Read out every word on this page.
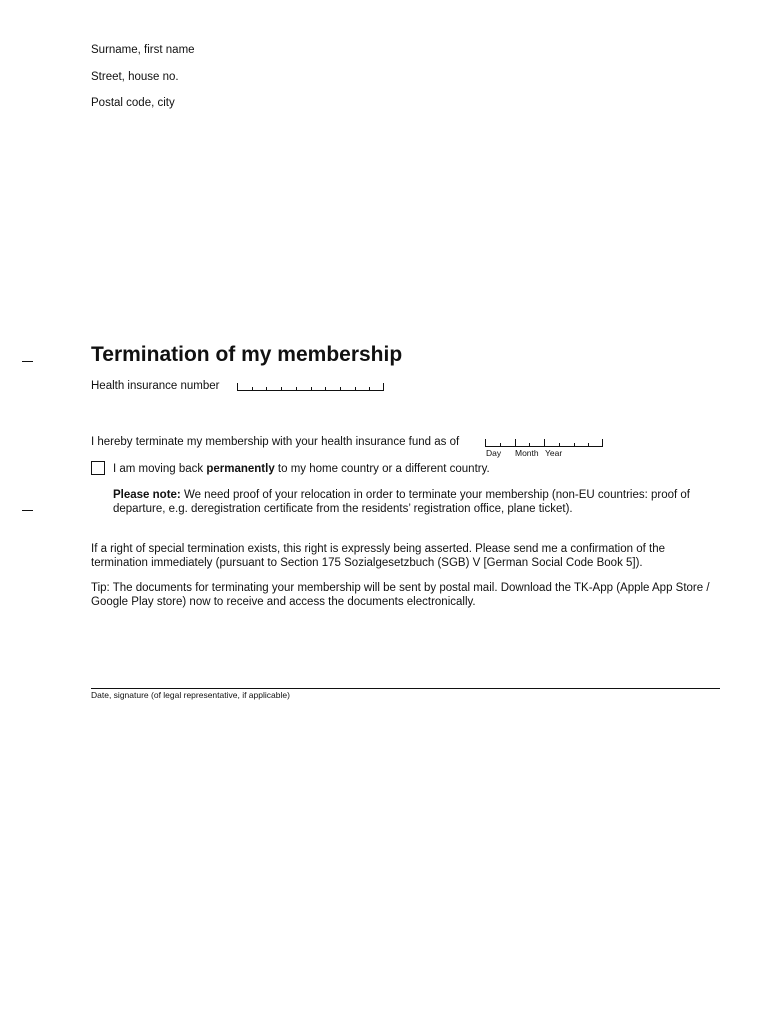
Surname, first name
Street, house no.
Postal code, city
Termination of my membership
Health insurance number
I hereby terminate my membership with your health insurance fund as of
Day Month Year
I am moving back permanently to my home country or a different country.
Please note: We need proof of your relocation in order to terminate your membership (non-EU countries: proof of departure, e.g. deregistration certificate from the residents’ registration office, plane ticket).
If a right of special termination exists, this right is expressly being asserted. Please send me a confirmation of the termination immediately (pursuant to Section 175 Sozialgesetzbuch (SGB) V [German Social Code Book 5]).
Tip: The documents for terminating your membership will be sent by postal mail. Download the TK-App (Apple App Store / Google Play store) now to receive and access the documents electronically.
Date, signature (of legal representative, if applicable)
